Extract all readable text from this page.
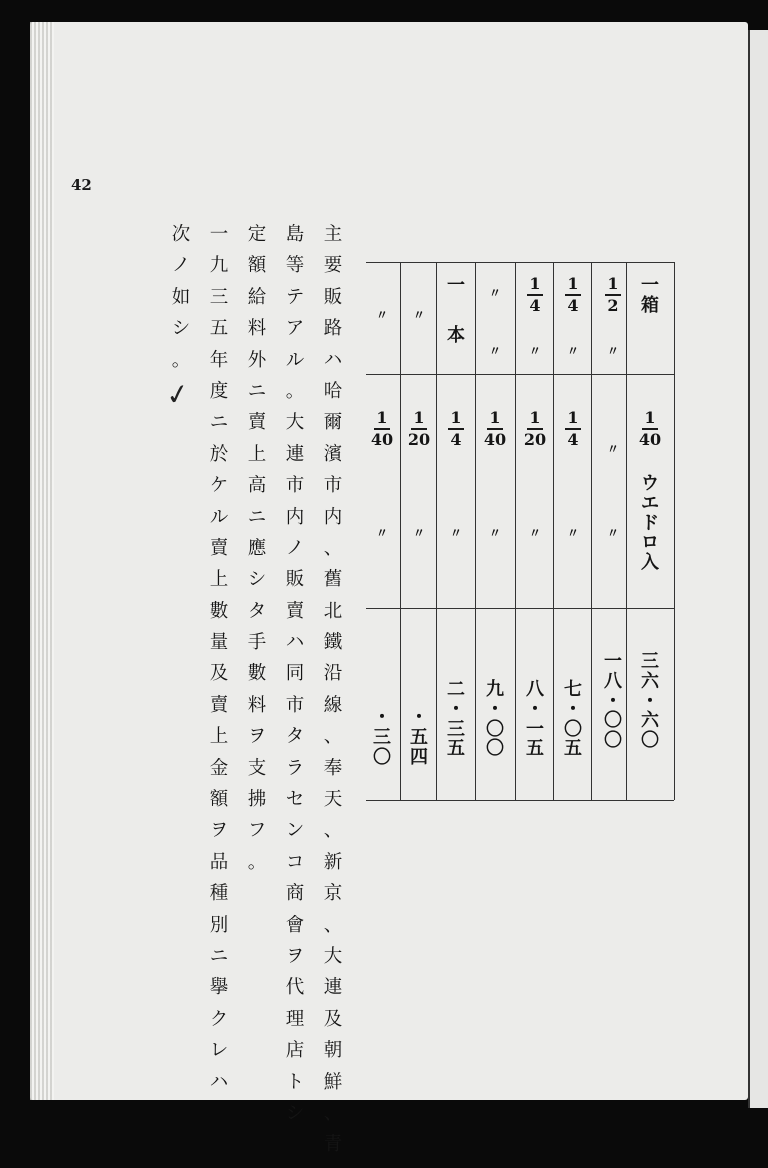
42
主
要
販
路
ハ
哈
爾
濱
市
内
、
舊
北
鐵
沿
線
、
奉
天
、
新
京
、
大
連
及
朝
鮮
、
青
島
等
テ
ア
ル
。
大
連
市
内
ノ
販
賣
ハ
同
市
タ
ラ
セ
ン
コ
商
會
ヲ
代
理
店
ト
シ
定
額
給
料
外
ニ
賣
上
高
ニ
應
シ
タ
手
數
料
ヲ
支
拂
フ
。
一
九
三
五
年
度
ニ
於
ケ
ル
賣
上
數
量
及
賣
上
金
額
ヲ
品
種
別
ニ
擧
ク
レ
ハ
次
ノ
如
シ
。
✓
一
箱
$\frac{1}{40}$
ウ
エ
ド
ロ
入
三
六
・
六
〇
$\frac{1}{2}$
〃
〃
〃
一
八
・
〇
〇
$\frac{1}{4}$
〃
$\frac{1}{4}$
〃
七
・
〇
五
$\frac{1}{4}$
〃
$\frac{1}{20}$
〃
八
・
一
五
〃
〃
$\frac{1}{40}$
〃
九
・
〇
〇
一
本
$\frac{1}{4}$
〃
二
・
三
五
〃
$\frac{1}{20}$
〃
・
五
四
〃
$\frac{1}{40}$
〃
・
三
〇
